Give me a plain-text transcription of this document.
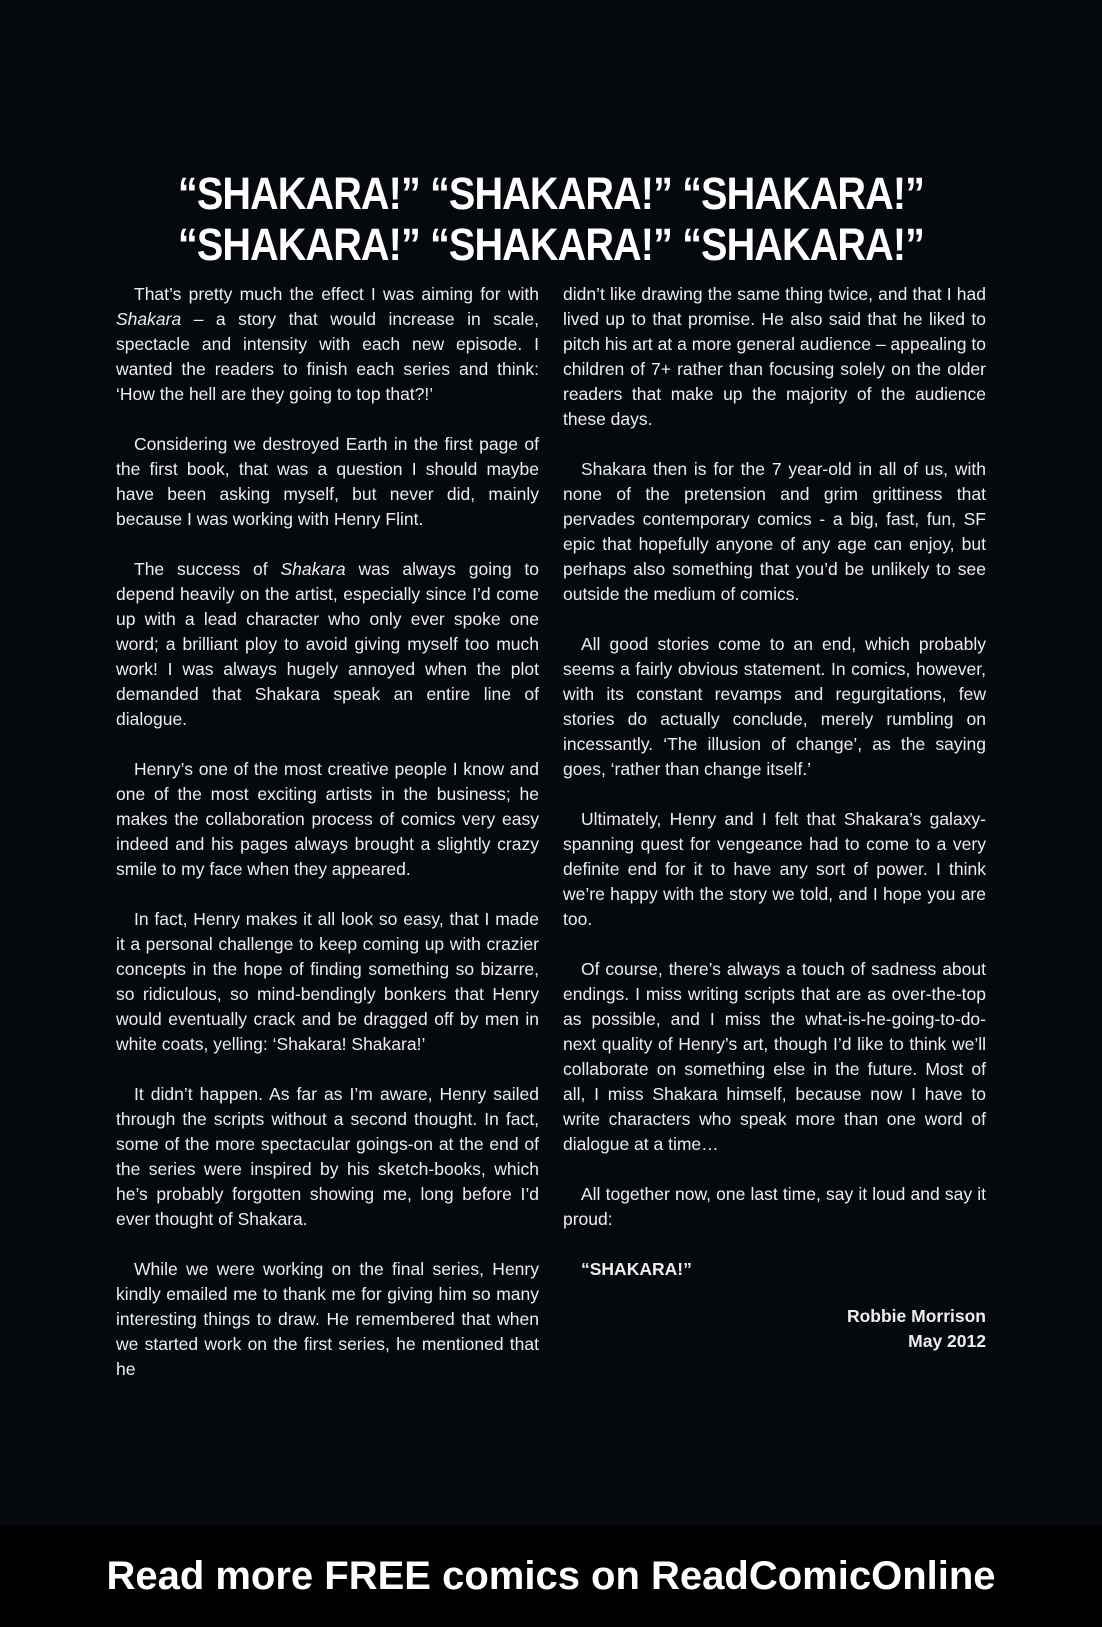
“SHAKARA!” “SHAKARA!” “SHAKARA!”
“SHAKARA!” “SHAKARA!” “SHAKARA!”

That’s pretty much the effect I was aiming for with Shakara – a story that would increase in scale, spectacle and intensity with each new episode. I wanted the readers to finish each series and think: ‘How the hell are they going to top that?!’

Considering we destroyed Earth in the first page of the first book, that was a question I should maybe have been asking myself, but never did, mainly because I was working with Henry Flint.

The success of Shakara was always going to depend heavily on the artist, especially since I’d come up with a lead character who only ever spoke one word; a brilliant ploy to avoid giving myself too much work! I was always hugely annoyed when the plot demanded that Shakara speak an entire line of dialogue.

Henry’s one of the most creative people I know and one of the most exciting artists in the business; he makes the collaboration process of comics very easy indeed and his pages always brought a slightly crazy smile to my face when they appeared.

In fact, Henry makes it all look so easy, that I made it a personal challenge to keep coming up with crazier concepts in the hope of finding something so bizarre, so ridiculous, so mind-bendingly bonkers that Henry would eventually crack and be dragged off by men in white coats, yelling: ‘Shakara! Shakara!’

It didn’t happen. As far as I’m aware, Henry sailed through the scripts without a second thought. In fact, some of the more spectacular goings-on at the end of the series were inspired by his sketch-books, which he’s probably forgotten showing me, long before I’d ever thought of Shakara.

While we were working on the final series, Henry kindly emailed me to thank me for giving him so many interesting things to draw. He remembered that when we started work on the first series, he mentioned that he

didn’t like drawing the same thing twice, and that I had lived up to that promise. He also said that he liked to pitch his art at a more general audience – appealing to children of 7+ rather than focusing solely on the older readers that make up the majority of the audience these days.

Shakara then is for the 7 year-old in all of us, with none of the pretension and grim grittiness that pervades contemporary comics - a big, fast, fun, SF epic that hopefully anyone of any age can enjoy, but perhaps also something that you’d be unlikely to see outside the medium of comics.

All good stories come to an end, which probably seems a fairly obvious statement. In comics, however, with its constant revamps and regurgitations, few stories do actually conclude, merely rumbling on incessantly. ‘The illusion of change’, as the saying goes, ‘rather than change itself.’

Ultimately, Henry and I felt that Shakara’s galaxy-spanning quest for vengeance had to come to a very definite end for it to have any sort of power. I think we’re happy with the story we told, and I hope you are too.

Of course, there’s always a touch of sadness about endings. I miss writing scripts that are as over-the-top as possible, and I miss the what-is-he-going-to-do-next quality of Henry’s art, though I’d like to think we’ll collaborate on something else in the future. Most of all, I miss Shakara himself, because now I have to write characters who speak more than one word of dialogue at a time…

All together now, one last time, say it loud and say it proud:

“SHAKARA!”
Robbie Morrison
May 2012
Read more FREE comics on ReadComicOnline
